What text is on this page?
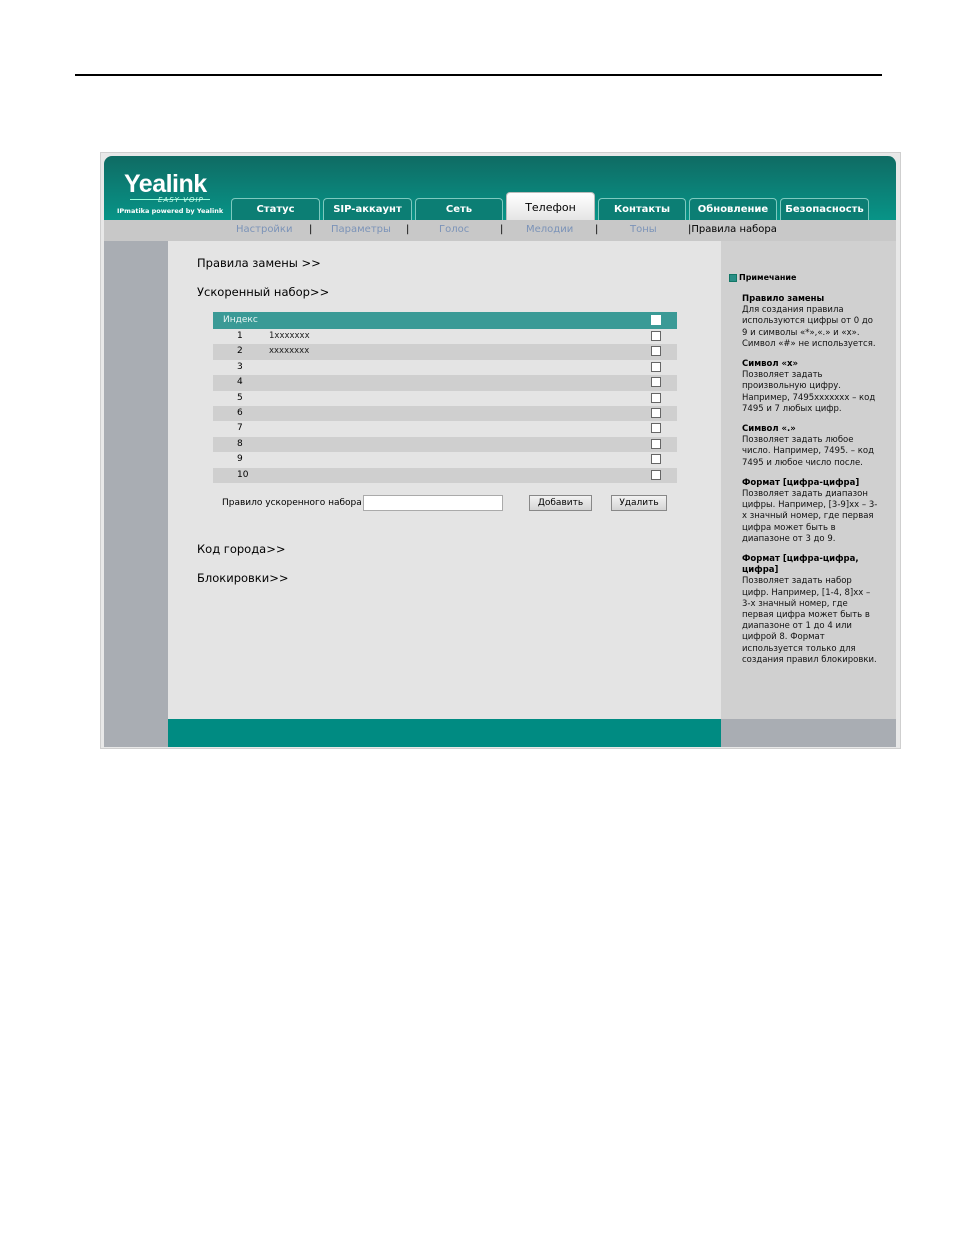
Yealink
EASY VOIP
IPmatika powered by Yealink	Статус	SIP-аккаунт	Сеть	Телефон	Контакты	Обновление	Безопасность
Настройки | Параметры |	Голос	| Мелодии |	Тоны	|Правила набора
Правила замены >>
Ускоренный набор>>
Индекс
1	1xxxxxxx
2	xxxxxxxx
3
4
5
6
7
8
9
10
Правило ускоренного набора	Добавить	Удалить
Код города>>
Блокировки>>
Примечание
Правило замены
Для создания правила используются цифры от 0 до 9 и символы «*»,«.» и «x». Символ «#» не используется.
Символ «x»
Позволяет задать произвольную цифру. Например, 7495xxxxxxx – код 7495 и 7 любых цифр.
Символ «.»
Позволяет задать любое число. Например, 7495. – код 7495 и любое число после.
Формат [цифра-цифра]
Позволяет задать диапазон цифры. Например, [3-9]xx – 3-х значный номер, где первая цифра может быть в диапазоне от 3 до 9.
Формат [цифра-цифра, цифра]
Позволяет задать набор цифр. Например, [1-4, 8]xx – 3-х значный номер, где первая цифра может быть в диапазоне от 1 до 4 или цифрой 8. Формат используется только для создания правил блокировки.
